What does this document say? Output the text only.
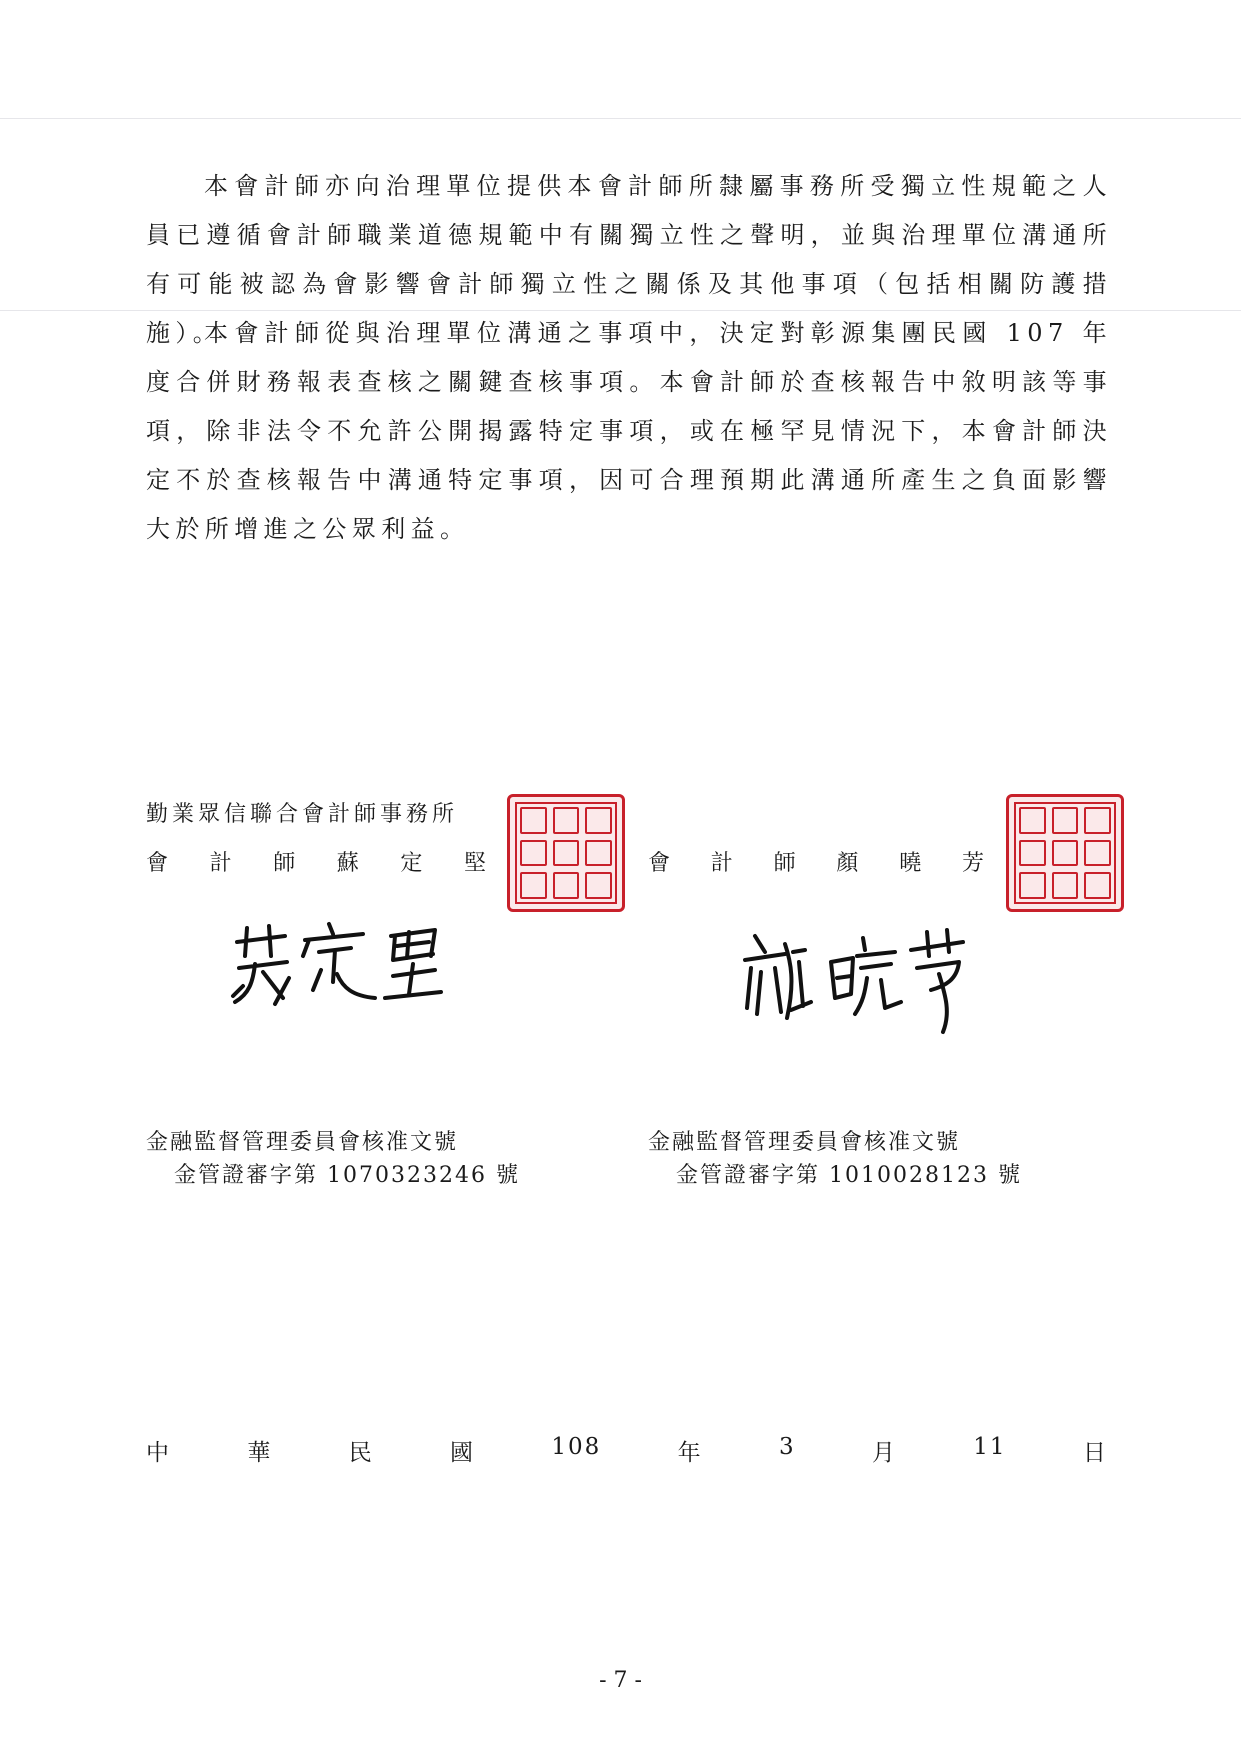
本會計師亦向治理單位提供本會計師所隸屬事務所受獨立性規範之人員已遵循會計師職業道德規範中有關獨立性之聲明，並與治理單位溝通所有可能被認為會影響會計師獨立性之關係及其他事項（包括相關防護措施）。

本會計師從與治理單位溝通之事項中，決定對彰源集團民國 107 年度合併財務報表查核之關鍵查核事項。本會計師於查核報告中敘明該等事項，除非法令不允許公開揭露特定事項，或在極罕見情況下，本會計師決定不於查核報告中溝通特定事項，因可合理預期此溝通所產生之負面影響大於所增進之公眾利益。

勤業眾信聯合會計師事務所
會 計 師 蘇 定 堅	會 計 師 顏 曉 芳
金融監督管理委員會核准文號
金管證審字第 1070323246 號
金融監督管理委員會核准文號
金管證審字第 1010028123 號
中	華	民	國	108	年	3	月	11	日
- 7 -
